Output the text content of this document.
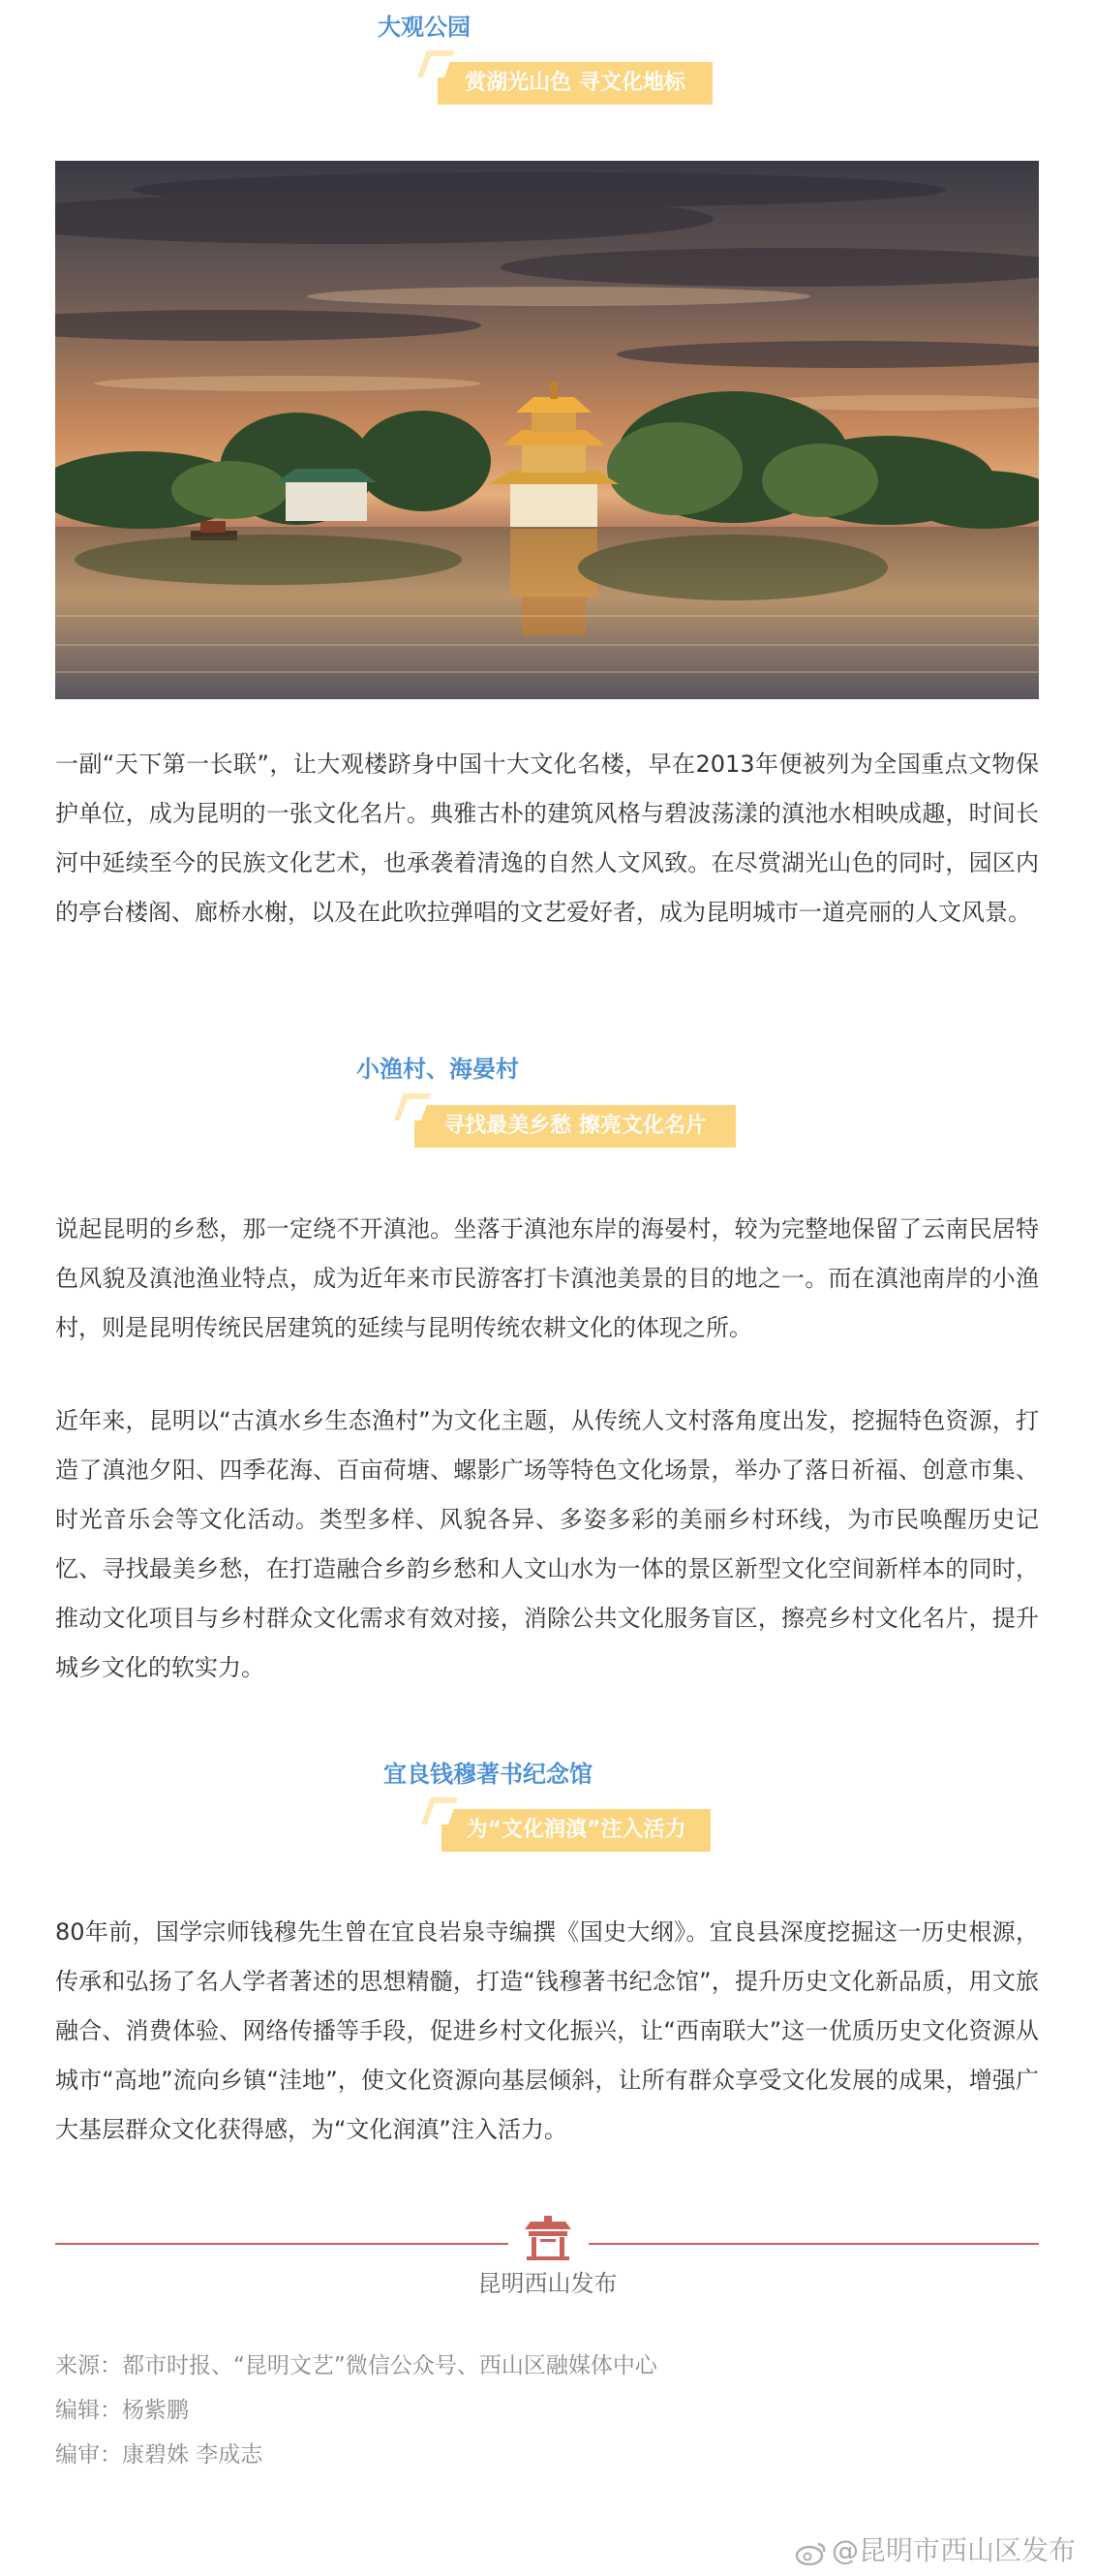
大观公园
赏湖光山色 寻文化地标

一副“天下第一长联”，让大观楼跻身中国十大文化名楼，早在2013年便被列为全国重点文物保护单位，成为昆明的一张文化名片。典雅古朴的建筑风格与碧波荡漾的滇池水相映成趣，时间长河中延续至今的民族文化艺术，也承袭着清逸的自然人文风致。在尽赏湖光山色的同时，园区内的亭台楼阁、廊桥水榭，以及在此吹拉弹唱的文艺爱好者，成为昆明城市一道亮丽的人文风景。

小渔村、海晏村
寻找最美乡愁 擦亮文化名片

说起昆明的乡愁，那一定绕不开滇池。坐落于滇池东岸的海晏村，较为完整地保留了云南民居特色风貌及滇池渔业特点，成为近年来市民游客打卡滇池美景的目的地之一。而在滇池南岸的小渔村，则是昆明传统民居建筑的延续与昆明传统农耕文化的体现之所。

近年来，昆明以“古滇水乡生态渔村”为文化主题，从传统人文村落角度出发，挖掘特色资源，打造了滇池夕阳、四季花海、百亩荷塘、螺影广场等特色文化场景，举办了落日祈福、创意市集、时光音乐会等文化活动。类型多样、风貌各异、多姿多彩的美丽乡村环线，为市民唤醒历史记忆、寻找最美乡愁，在打造融合乡韵乡愁和人文山水为一体的景区新型文化空间新样本的同时，推动文化项目与乡村群众文化需求有效对接，消除公共文化服务盲区，擦亮乡村文化名片，提升城乡文化的软实力。

宜良钱穆著书纪念馆
为“文化润滇”注入活力

80年前，国学宗师钱穆先生曾在宜良岩泉寺编撰《国史大纲》。宜良县深度挖掘这一历史根源，传承和弘扬了名人学者著述的思想精髓，打造“钱穆著书纪念馆”，提升历史文化新品质，用文旅融合、消费体验、网络传播等手段，促进乡村文化振兴，让“西南联大”这一优质历史文化资源从城市“高地”流向乡镇“洼地”，使文化资源向基层倾斜，让所有群众享受文化发展的成果，增强广大基层群众文化获得感，为“文化润滇”注入活力。

昆明西山发布
来源：都市时报、“昆明文艺”微信公众号、西山区融媒体中心
编辑：杨紫鹏
编审：康碧姝 李成志
@昆明市西山区发布
